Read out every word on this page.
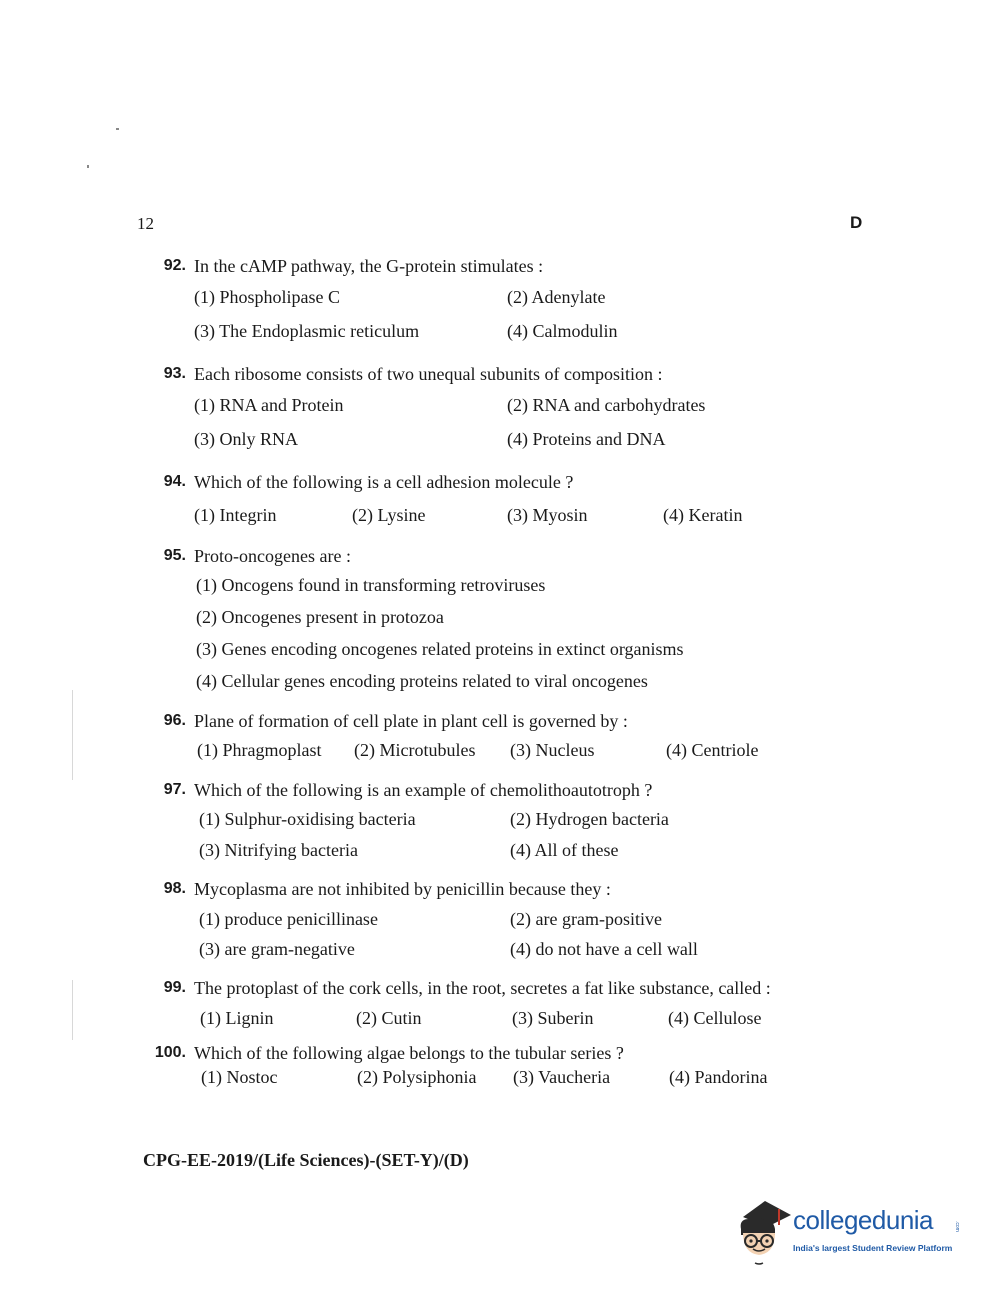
12	D
92. In the cAMP pathway, the G-protein stimulates :
(1) Phospholipase C	(2) Adenylate
(3) The Endoplasmic reticulum	(4) Calmodulin
93. Each ribosome consists of two unequal subunits of composition :
(1) RNA and Protein	(2) RNA and carbohydrates
(3) Only RNA	(4) Proteins and DNA
94. Which of the following is a cell adhesion molecule ?
(1) Integrin	(2) Lysine	(3) Myosin	(4) Keratin
95. Proto-oncogenes are :
(1) Oncogens found in transforming retroviruses
(2) Oncogenes present in protozoa
(3) Genes encoding oncogenes related proteins in extinct organisms
(4) Cellular genes encoding proteins related to viral oncogenes
96. Plane of formation of cell plate in plant cell is governed by :
(1) Phragmoplast (2) Microtubules (3) Nucleus	(4) Centriole
97. Which of the following is an example of chemolithoautotroph ?
(1) Sulphur-oxidising bacteria	(2) Hydrogen bacteria
(3) Nitrifying bacteria	(4) All of these
98. Mycoplasma are not inhibited by penicillin because they :
(1) produce penicillinase	(2) are gram-positive
(3) are gram-negative	(4) do not have a cell wall
99. The protoplast of the cork cells, in the root, secretes a fat like substance, called :
(1) Lignin	(2) Cutin	(3) Suberin	(4) Cellulose
100. Which of the following algae belongs to the tubular series ?
(1) Nostoc	(2) Polysiphonia (3) Vaucheria	(4) Pandorina
CPG-EE-2019/(Life Sciences)-(SET-Y)/(D)
collegedunia	.com
India's largest Student Review Platform
